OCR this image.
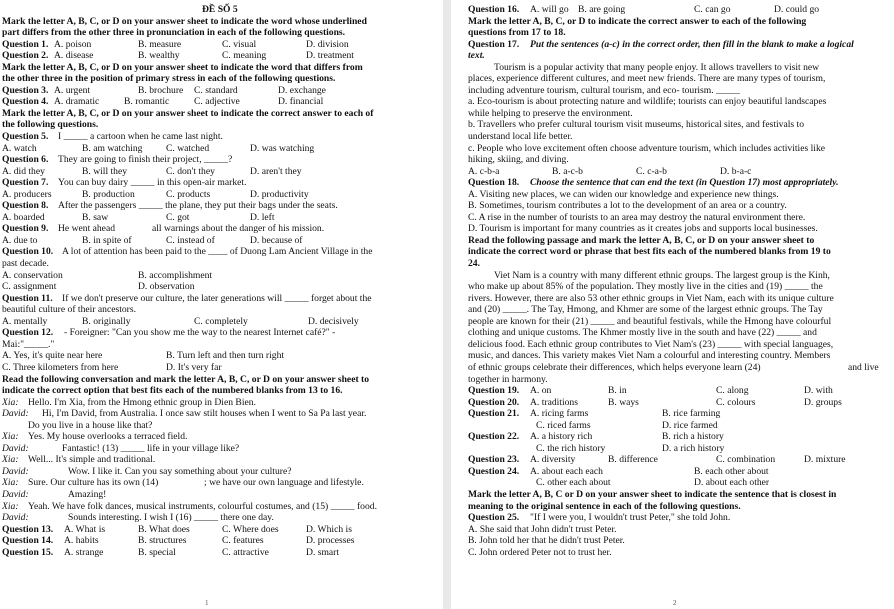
ĐỀ SỐ 5
Mark the letter A, B, C, or D on your answer sheet to indicate the word whose underlined
part differs from the other three in pronunciation in each of the following questions.
Question 1. A. poison	B. measure	C. visual	D. division
Question 2. A. disease	B. wealthy	C. meaning	D. treatment
Mark the letter A, B, C, or D on your answer sheet to indicate the word that differs from
the other three in the position of primary stress in each of the following questions.
Question 3. A. urgent	B. brochure C. standard	D. exchange
Question 4. A. dramatic	B. romantic	C. adjective	D. financial
Mark the letter A, B, C, or D on your answer sheet to indicate the correct answer to each of
the following questions.
Question 5. I _____ a cartoon when he came last night.
A. watch	B. am watching C. watched	D. was watching
Question 6. They are going to finish their project, _____?
A. did they	B. will they	C. don't they	D. aren't they
Question 7. You can buy dairy _____ in this open-air market.
A. producers	B. production	C. products	D. productivity
Question 8. After the passengers _____ the plane, they put their bags under the seats.
A. boarded	B. saw	C. got	D. left
Question 9. He went ahead	all warnings about the danger of his mission.
A. due to	B. in spite of	C. instead of	D. because of
Question 10. A lot of attention has been paid to the ____ of Duong Lam Ancient Village in the
past decade.
A. conservation	B. accomplishment
C. assignment	D. observation
Question 11. If we don't preserve our culture, the later generations will _____ forget about the
beautiful culture of their ancestors.
A. mentally	B. originally	C. completely	D. decisively
Question 12. - Foreigner: "Can you show me the way to the nearest Internet café?" -
Mai:"_____."
A. Yes, it's quite near here	B. Turn left and then turn right
C. Three kilometers from here	D. It's very far
Read the following conversation and mark the letter A, B, C, or D on your answer sheet to
indicate the correct option that best fits each of the numbered blanks from 13 to 16.
Xia: Hello. I'm Xia, from the Hmong ethnic group in Dien Bien.
David: Hi, I'm David, from Australia. I once saw stilt houses when I went to Sa Pa last year.
Do you live in a house like that?
Xia: Yes. My house overlooks a terraced field.
David:	Fantastic! (13) _____ life in your village like?
Xia: Well... It's simple and traditional.
David:	Wow. I like it. Can you say something about your culture?
Xia: Sure. Our culture has its own (14)	; we have our own language and lifestyle.
David:	Amazing!
Xia: Yeah. We have folk dances, musical instruments, colourful costumes, and (15) _____ food.
David:	Sounds interesting. I wish I (16) _____ there one day.
Question 13. A. What is	B. What does	C. Where does	D. Which is
Question 14. A. habits	B. structures	C. features	D. processes
Question 15. A. strange	B. special	C. attractive	D. smart
1
Question 16. A. will go B. are going	C. can go	D. could go
Mark the letter A, B, C, or D to indicate the correct answer to each of the following
questions from 17 to 18.
Question 17. Put the sentences (a-c) in the correct order, then fill in the blank to make a logical
text.
Tourism is a popular activity that many people enjoy. It allows travellers to visit new
places, experience different cultures, and meet new friends. There are many types of tourism,
including adventure tourism, cultural tourism, and eco- tourism. _____
a. Eco-tourism is about protecting nature and wildlife; tourists can enjoy beautiful landscapes
while helping to preserve the environment.
b. Travellers who prefer cultural tourism visit museums, historical sites, and festivals to
understand local life better.
c. People who love excitement often choose adventure tourism, which includes activities like
hiking, skiing, and diving.
A. c-b-a	B. a-c-b	C. c-a-b	D. b-a-c
Question 18. Choose the sentence that can end the text (in Question 17) most appropriately.
A. Visiting new places, we can widen our knowledge and experience new things.
B. Sometimes, tourism contributes a lot to the development of an area or a country.
C. A rise in the number of tourists to an area may destroy the natural environment there.
D. Tourism is important for many countries as it creates jobs and supports local businesses.
Read the following passage and mark the letter A, B, C, or D on your answer sheet to
indicate the correct word or phrase that best fits each of the numbered blanks from 19 to
24.
Viet Nam is a country with many different ethnic groups. The largest group is the Kinh,
who make up about 85% of the population. They mostly live in the cities and (19) _____ the
rivers. However, there are also 53 other ethnic groups in Viet Nam, each with its unique culture
and (20) _____. The Tay, Hmong, and Khmer are some of the largest ethnic groups. The Tay
people are known for their (21) _____ and beautiful festivals, while the Hmong have colourful
clothing and unique customs. The Khmer mostly live in the south and have (22) _____ and
delicious food. Each ethnic group contributes to Viet Nam's (23) _____ with special languages,
music, and dances. This variety makes Viet Nam a colourful and interesting country. Members
of ethnic groups celebrate their differences, which helps everyone learn (24)	and live
together in harmony.
Question 19. A. on	B. in	C. along	D. with
Question 20. A. traditions	B. ways	C. colours	D. groups
Question 21. A. ricing farms	B. rice farming
C. riced farms	D. rice farmed
Question 22. A. a history rich	B. rich a history
C. the rich history	D. a rich history
Question 23. A. diversity	B. difference	C. combination	D. mixture
Question 24. A. about each each	B. each other about
C. other each about	D. about each other
Mark the letter A, B, C or D on your answer sheet to indicate the sentence that is closest in
meaning to the original sentence in each of the following questions.
Question 25. "If I were you, I wouldn't trust Peter," she told John.
A. She said that John didn't trust Peter.
B. John told her that he didn't trust Peter.
C. John ordered Peter not to trust her.
2
